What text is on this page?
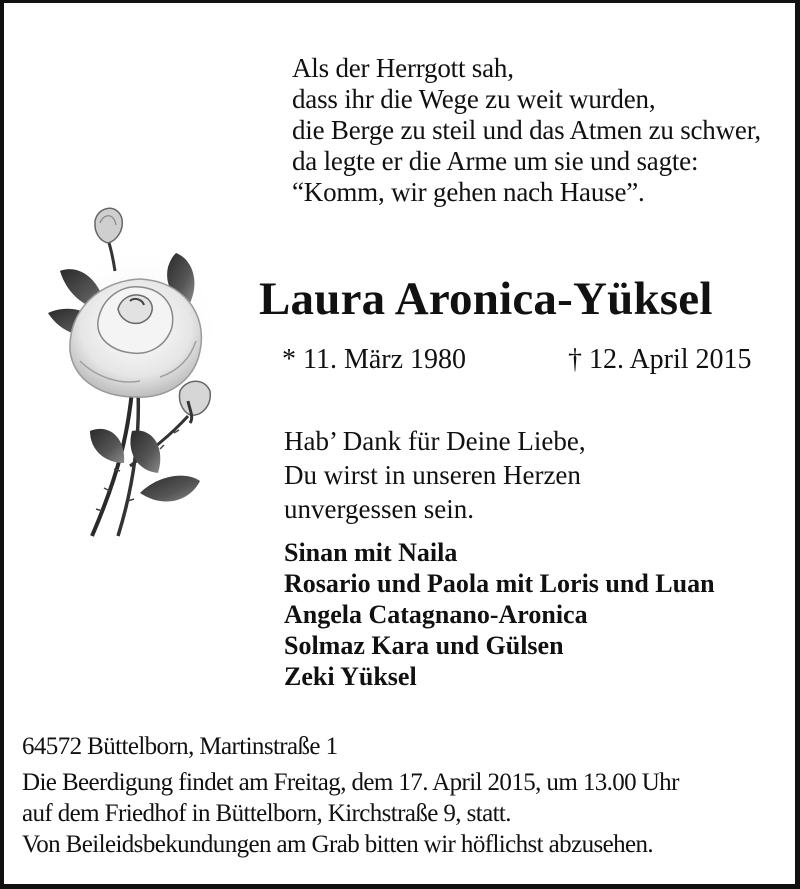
Als der Herrgott sah,
dass ihr die Wege zu weit wurden,
die Berge zu steil und das Atmen zu schwer,
da legte er die Arme um sie und sagte:
“Komm, wir gehen nach Hause”.
Laura Aronica-Yüksel
* 11. März 1980	† 12. April 2015
Hab’ Dank für Deine Liebe,
Du wirst in unseren Herzen
unvergessen sein.
Sinan mit Naila
Rosario und Paola mit Loris und Luan
Angela Catagnano-Aronica
Solmaz Kara und Gülsen
Zeki Yüksel
64572 Büttelborn, Martinstraße 1
Die Beerdigung findet am Freitag, dem 17. April 2015, um 13.00 Uhr
auf dem Friedhof in Büttelborn, Kirchstraße 9, statt.
Von Beileidsbekundungen am Grab bitten wir höflichst abzusehen.
